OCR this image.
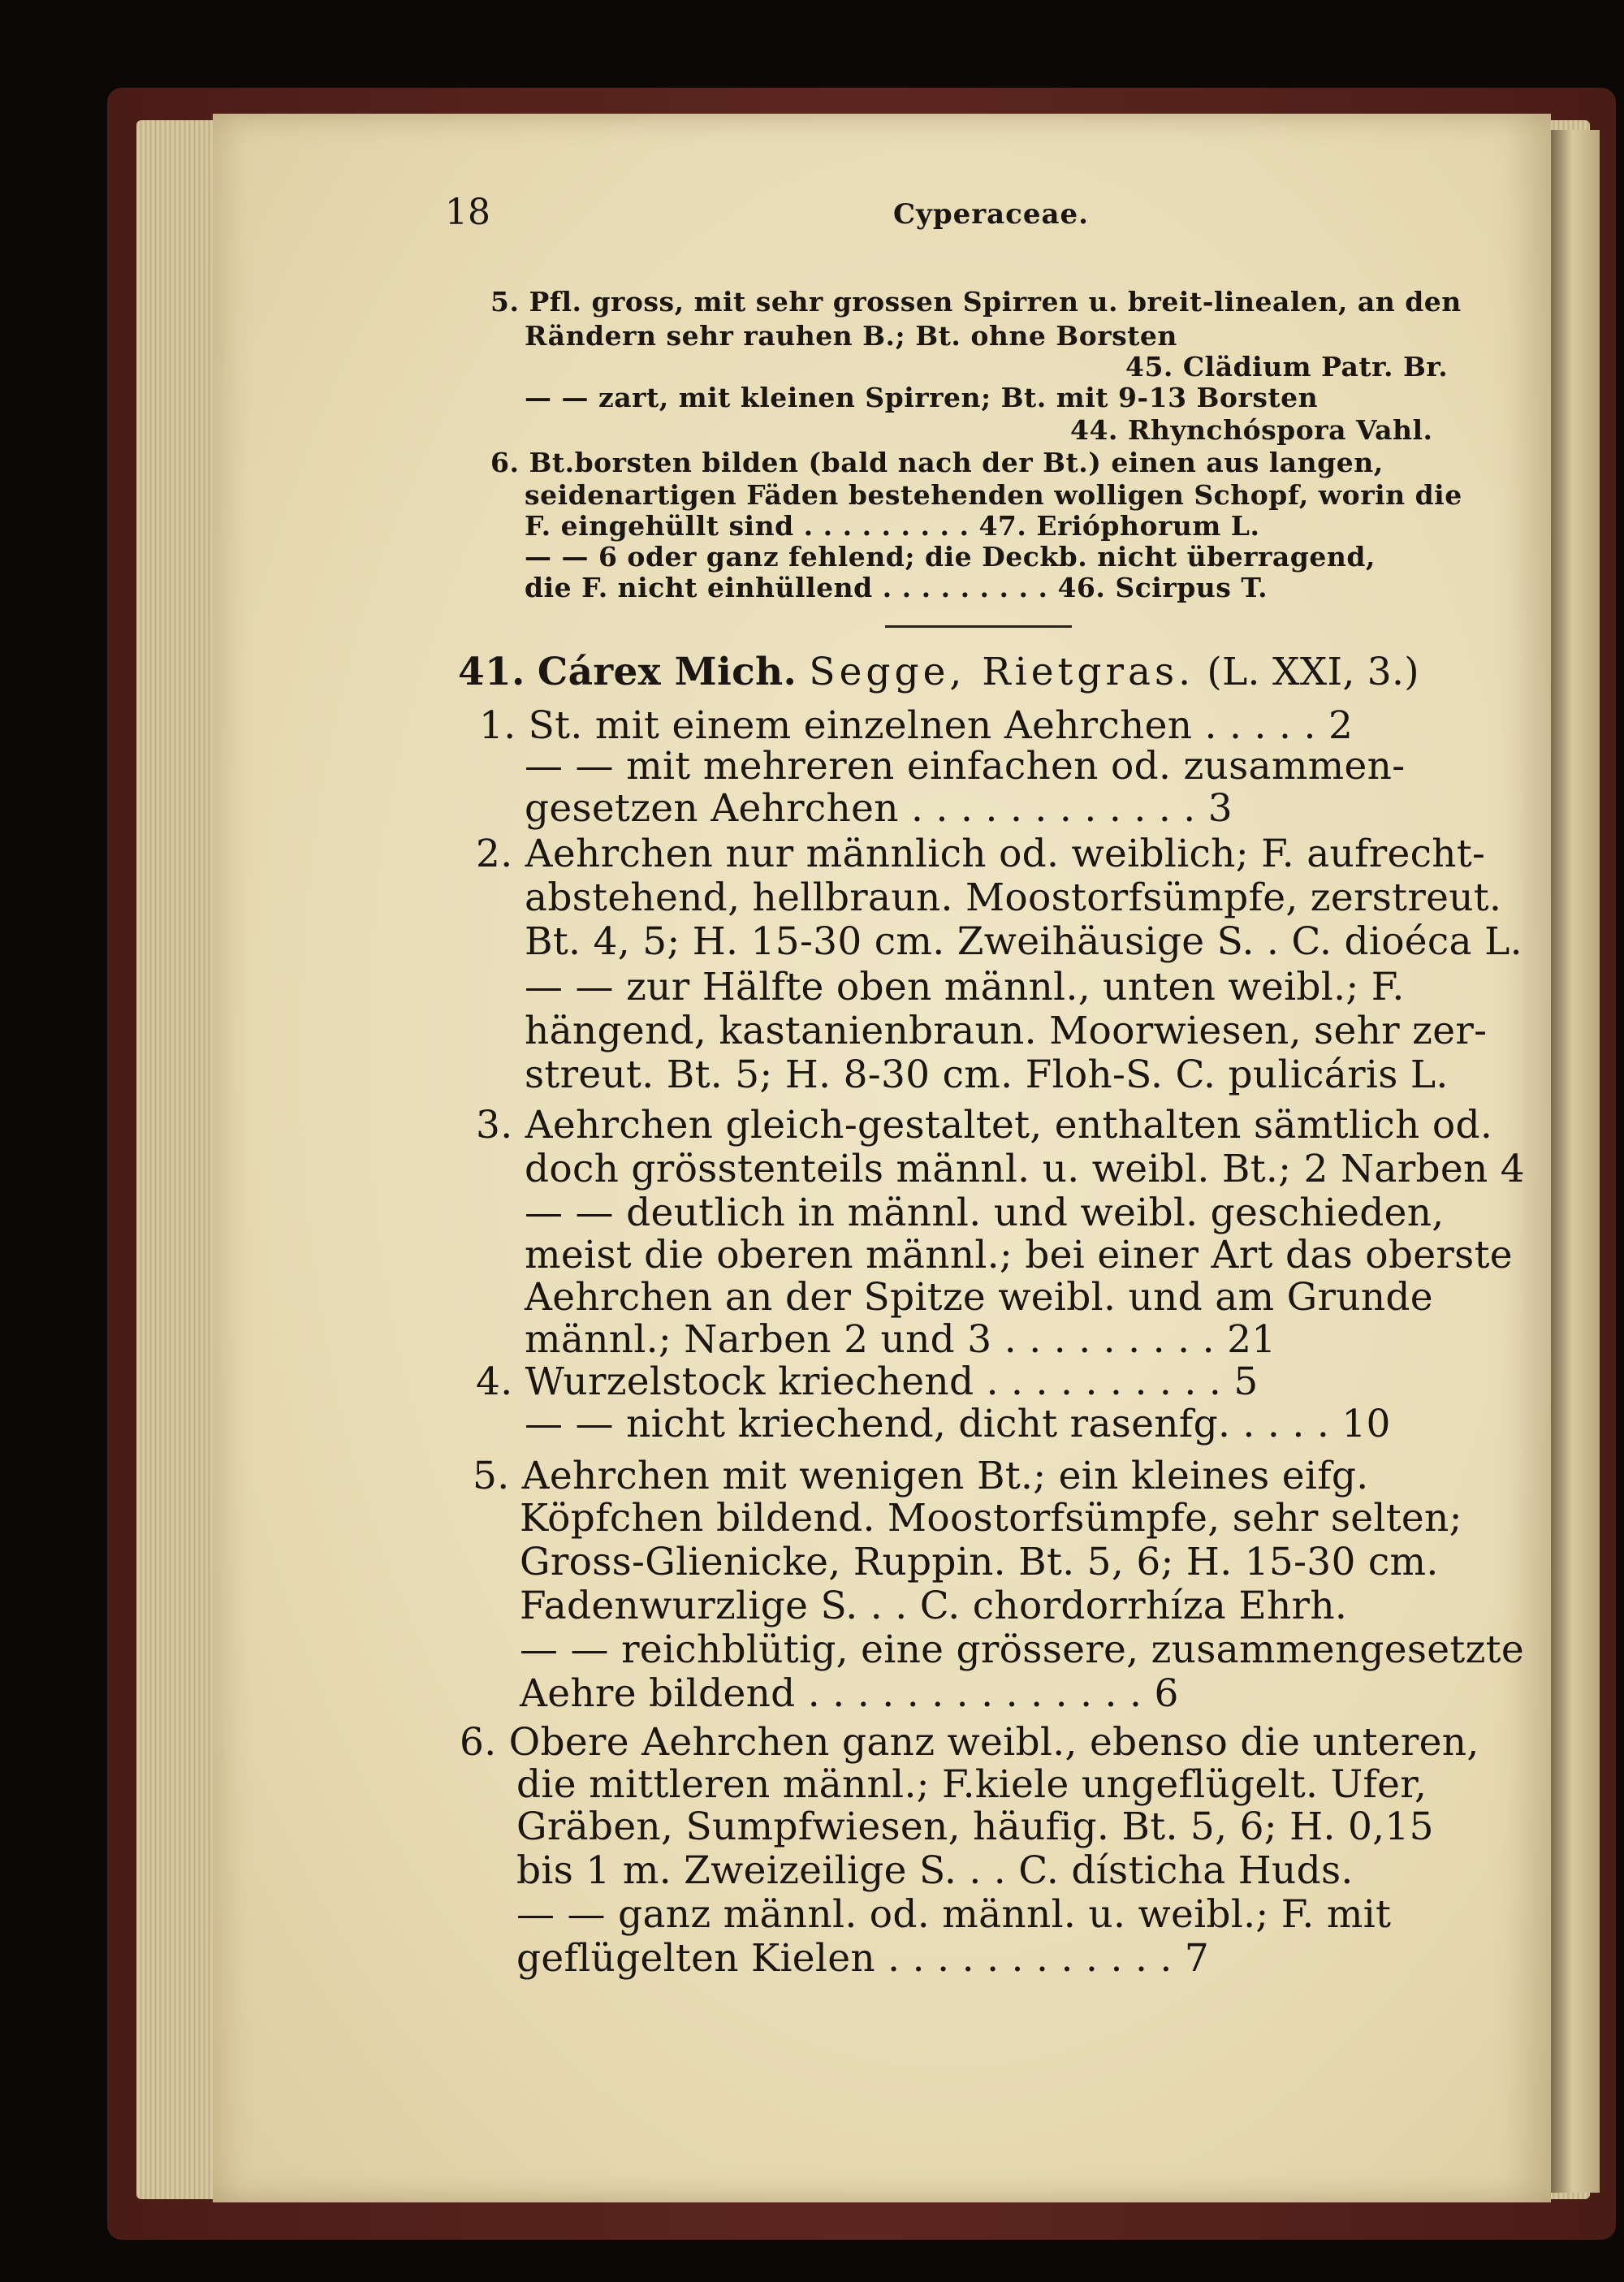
18	Cyperaceae.
5. Pfl. gross, mit sehr grossen Spirren u. breit-linealen, an den
Rändern sehr rauhen B.; Bt. ohne Borsten
45. Clädium Patr. Br.
— — zart, mit kleinen Spirren; Bt. mit 9-13 Borsten
44. Rhynchóspora Vahl.
6. Bt.borsten bilden (bald nach der Bt.) einen aus langen,
seidenartigen Fäden bestehenden wolligen Schopf, worin die
F. eingehüllt sind . . . . . . . . . 47. Erióphorum L.
— — 6 oder ganz fehlend; die Deckb. nicht überragend,
die F. nicht einhüllend . . . . . . . . . 46. Scirpus T.
41. Cárex Mich. Segge, Rietgras. (L. XXI, 3.)
1. St. mit einem einzelnen Aehrchen . . . . . 2
— — mit mehreren einfachen od. zusammen-
gesetzen Aehrchen . . . . . . . . . . . . 3
2. Aehrchen nur männlich od. weiblich; F. aufrecht-
abstehend, hellbraun. Moostorfsümpfe, zerstreut.
Bt. 4, 5; H. 15-30 cm. Zweihäusige S. . C. dioéca L.
— — zur Hälfte oben männl., unten weibl.; F.
hängend, kastanienbraun. Moorwiesen, sehr zer-
streut. Bt. 5; H. 8-30 cm. Floh-S. C. pulicáris L.
3. Aehrchen gleich-gestaltet, enthalten sämtlich od.
doch grösstenteils männl. u. weibl. Bt.; 2 Narben 4
— — deutlich in männl. und weibl. geschieden,
meist die oberen männl.; bei einer Art das oberste
Aehrchen an der Spitze weibl. und am Grunde
männl.; Narben 2 und 3 . . . . . . . . . 21
4. Wurzelstock kriechend . . . . . . . . . . 5
— — nicht kriechend, dicht rasenfg. . . . . 10
5. Aehrchen mit wenigen Bt.; ein kleines eifg.
Köpfchen bildend. Moostorfsümpfe, sehr selten;
Gross-Glienicke, Ruppin. Bt. 5, 6; H. 15-30 cm.
Fadenwurzlige S. . . C. chordorrhíza Ehrh.
— — reichblütig, eine grössere, zusammengesetzte
Aehre bildend . . . . . . . . . . . . . . 6
6. Obere Aehrchen ganz weibl., ebenso die unteren,
die mittleren männl.; F.kiele ungeflügelt. Ufer,
Gräben, Sumpfwiesen, häufig. Bt. 5, 6; H. 0,15
bis 1 m. Zweizeilige S. . . C. dísticha Huds.
— — ganz männl. od. männl. u. weibl.; F. mit
geflügelten Kielen . . . . . . . . . . . . 7
